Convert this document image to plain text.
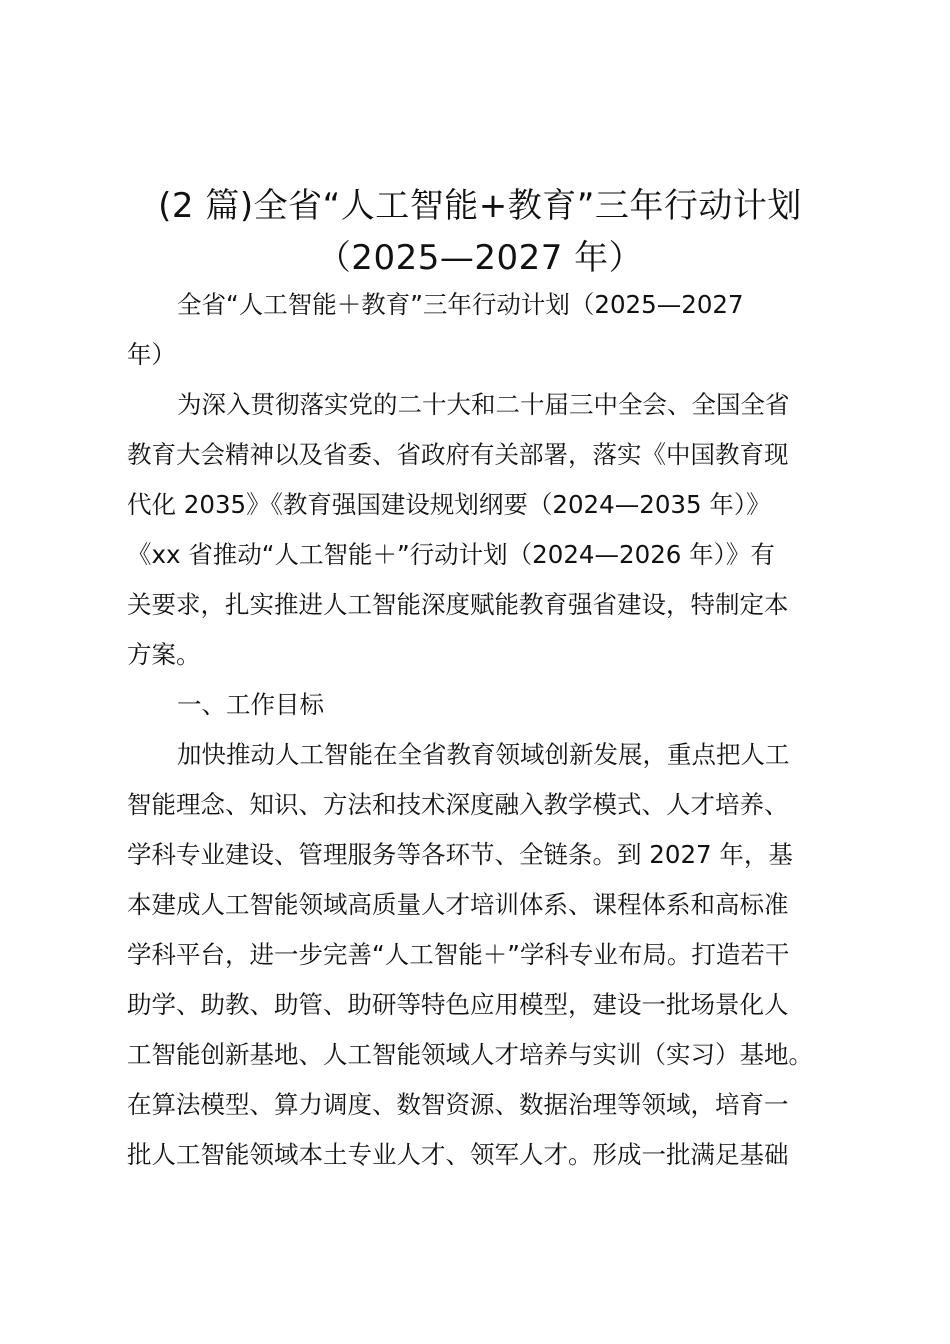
(2 篇)全省“人工智能+教育”三年行动计划
（2025—2027 年）

全省“人工智能＋教育”三年行动计划（2025—2027
年）

为深入贯彻落实党的二十大和二十届三中全会、全国全省
教育大会精神以及省委、省政府有关部署，落实《中国教育现
代化 2035》《教育强国建设规划纲要（2024—2035 年）》
《xx 省推动“人工智能＋”行动计划（2024—2026 年）》有
关要求，扎实推进人工智能深度赋能教育强省建设，特制定本
方案。

一、工作目标

加快推动人工智能在全省教育领域创新发展，重点把人工
智能理念、知识、方法和技术深度融入教学模式、人才培养、
学科专业建设、管理服务等各环节、全链条。到 2027 年，基
本建成人工智能领域高质量人才培训体系、课程体系和高标准
学科平台，进一步完善“人工智能＋”学科专业布局。打造若干
助学、助教、助管、助研等特色应用模型，建设一批场景化人
工智能创新基地、人工智能领域人才培养与实训（实习）基地。
在算法模型、算力调度、数智资源、数据治理等领域，培育一
批人工智能领域本土专业人才、领军人才。形成一批满足基础
